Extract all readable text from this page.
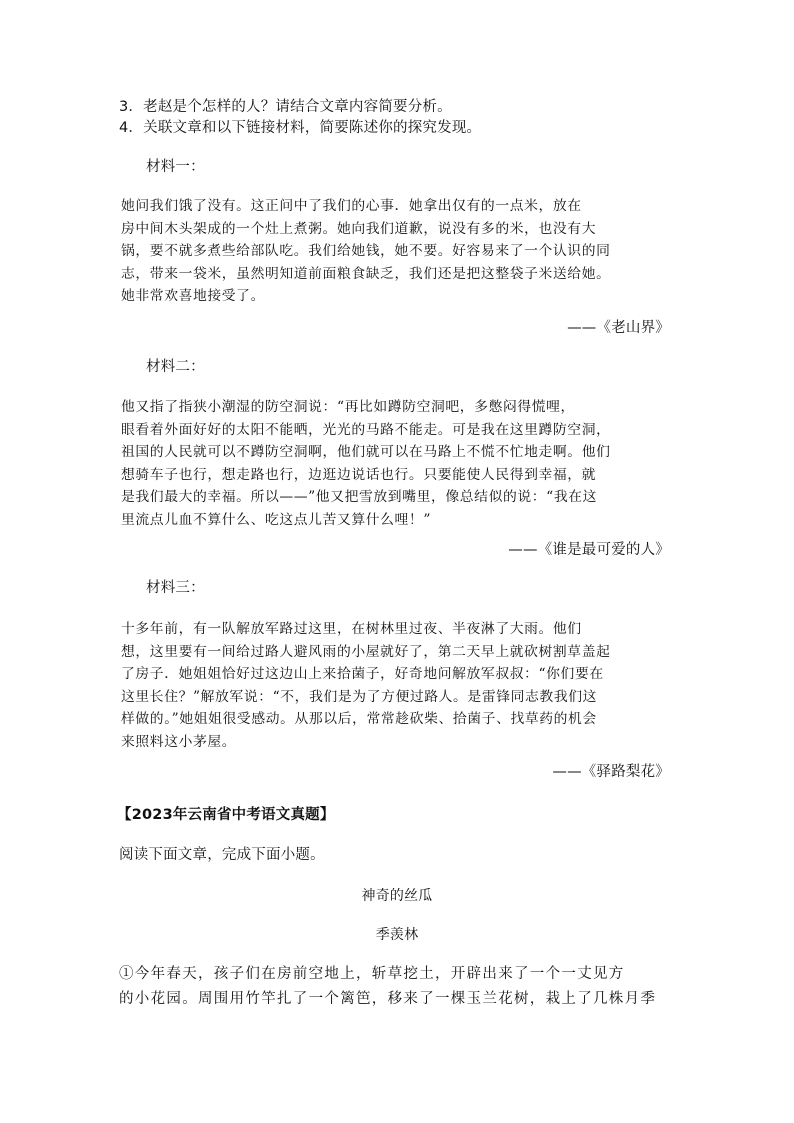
3．老赵是个怎样的人？请结合文章内容简要分析。
4．关联文章和以下链接材料，简要陈述你的探究发现。
材料一：
她问我们饿了没有。这正问中了我们的心事．她拿出仅有的一点米，放在
房中间木头架成的一个灶上煮粥。她向我们道歉，说没有多的米，也没有大
锅，要不就多煮些给部队吃。我们给她钱，她不要。好容易来了一个认识的同
志，带来一袋米，虽然明知道前面粮食缺乏，我们还是把这整袋子米送给她。
她非常欢喜地接受了。
——《老山界》
材料二：
他又指了指狭小潮湿的防空洞说：“再比如蹲防空洞吧，多憋闷得慌哩，
眼看着外面好好的太阳不能晒，光光的马路不能走。可是我在这里蹲防空洞，
祖国的人民就可以不蹲防空洞啊，他们就可以在马路上不慌不忙地走啊。他们
想骑车子也行，想走路也行，边逛边说话也行。只要能使人民得到幸福，就
是我们最大的幸福。所以——”他又把雪放到嘴里，像总结似的说：“我在这
里流点儿血不算什么、吃这点儿苦又算什么哩！”
——《谁是最可爱的人》
材料三：
十多年前，有一队解放军路过这里，在树林里过夜、半夜淋了大雨。他们
想，这里要有一间给过路人避风雨的小屋就好了，第二天早上就砍树割草盖起
了房子．她姐姐恰好过这边山上来拾菌子，好奇地问解放军叔叔：“你们要在
这里长住？”解放军说：“不，我们是为了方便过路人。是雷锋同志教我们这
样做的。”她姐姐很受感动。从那以后，常常趁砍柴、拾菌子、找草药的机会
来照料这小茅屋。
——《驿路梨花》
【2023年云南省中考语文真题】
阅读下面文章，完成下面小题。
神奇的丝瓜
季羡林
①今年春天，孩子们在房前空地上，斩草挖土，开辟出来了一个一丈见方
的小花园。周围用竹竿扎了一个篱笆，移来了一棵玉兰花树，栽上了几株月季
